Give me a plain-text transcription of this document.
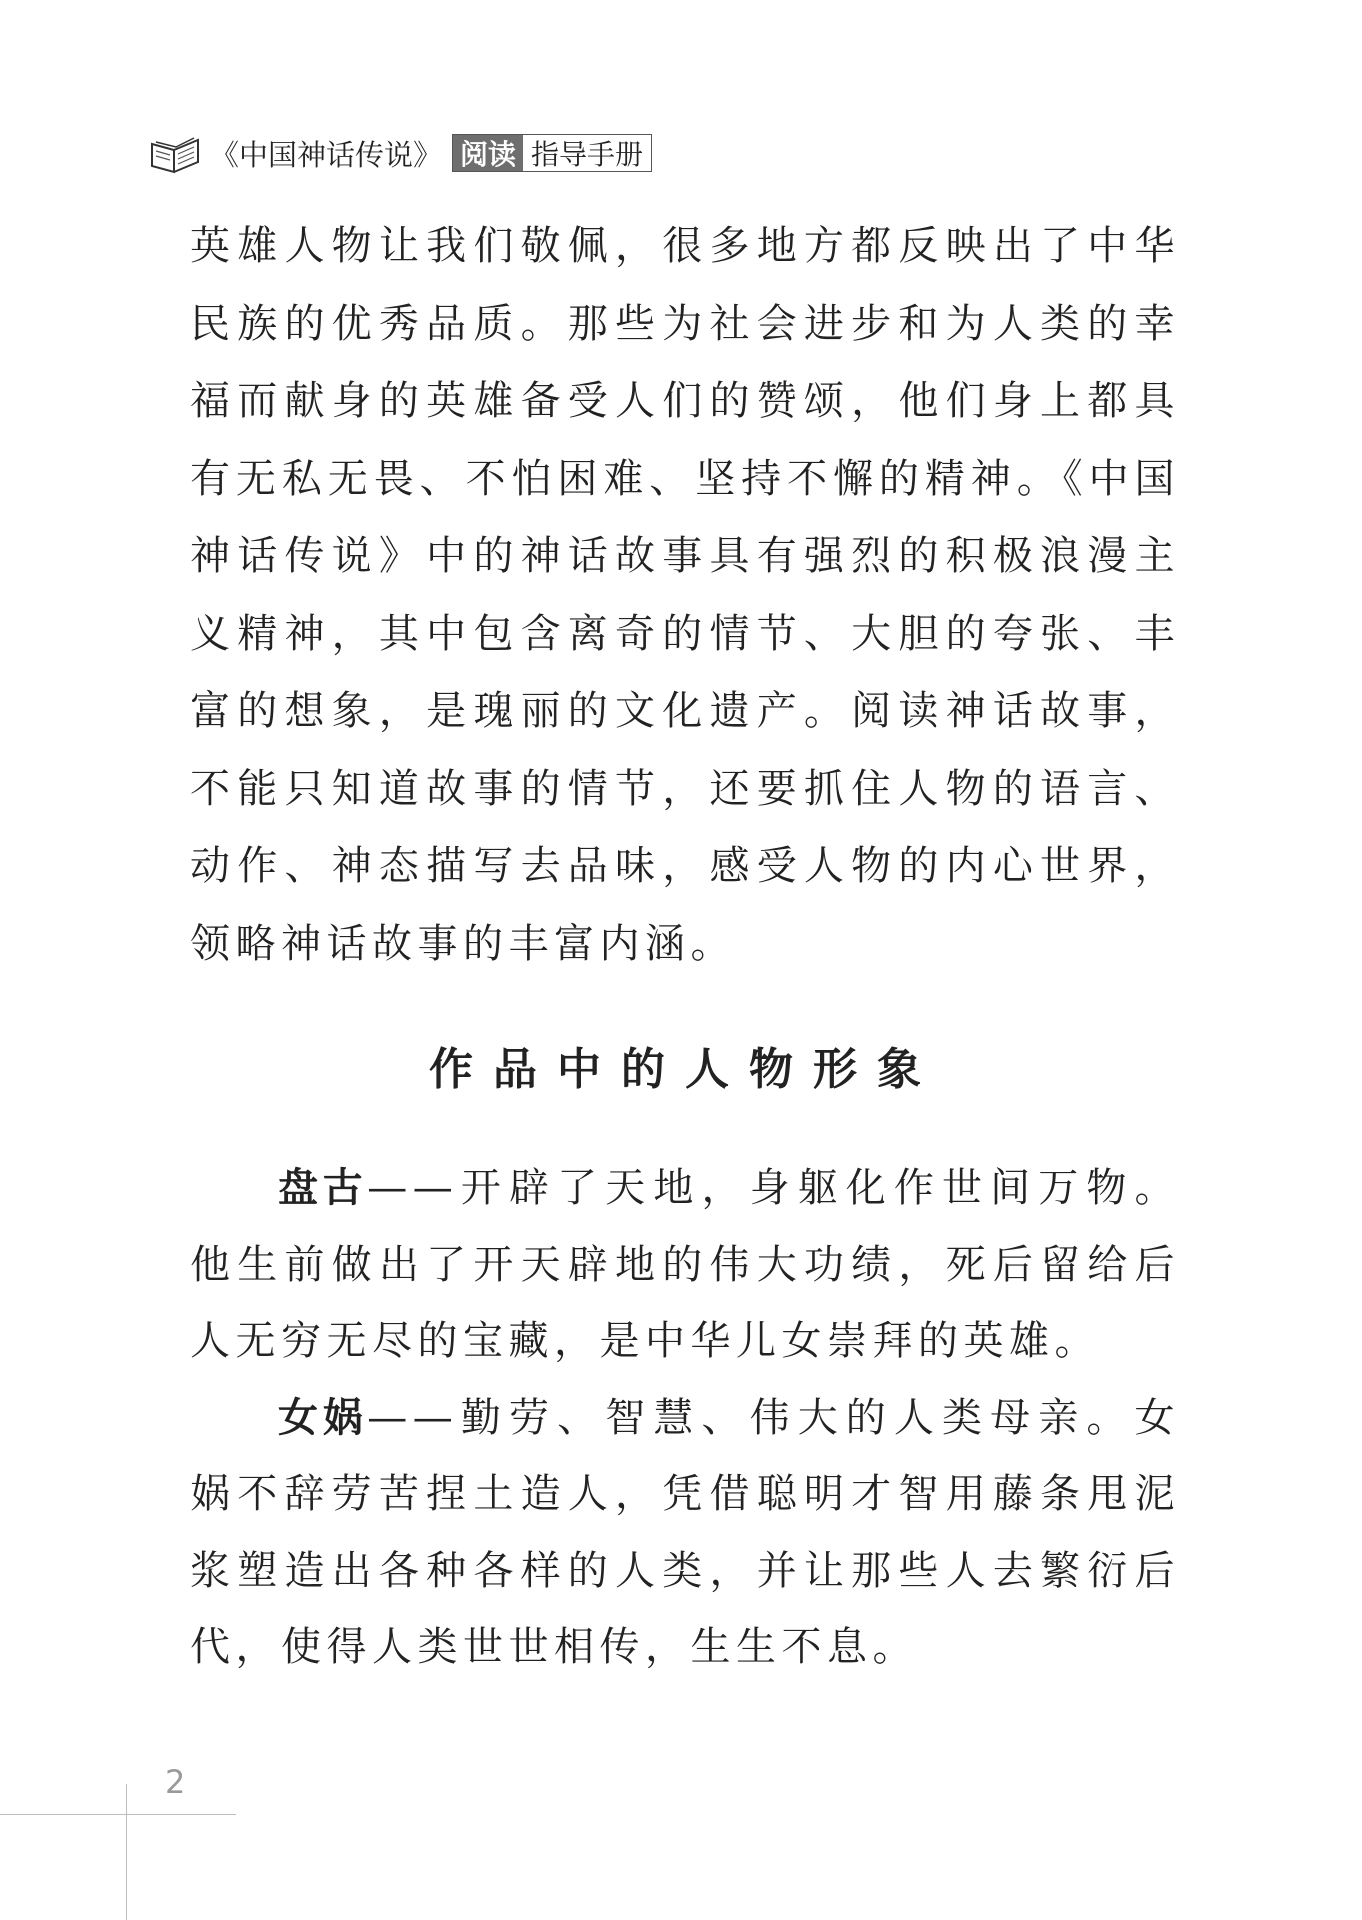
《中国神话传说》 阅读 指导手册

英雄人物让我们敬佩，很多地方都反映出了中华民族的优秀品质。那些为社会进步和为人类的幸福而献身的英雄备受人们的赞颂，他们身上都具有无私无畏、不怕困难、坚持不懈的精神。《中国神话传说》中的神话故事具有强烈的积极浪漫主义精神，其中包含离奇的情节、大胆的夸张、丰富的想象，是瑰丽的文化遗产。阅读神话故事，不能只知道故事的情节，还要抓住人物的语言、动作、神态描写去品味，感受人物的内心世界，领略神话故事的丰富内涵。

作品中的人物形象

盘古——开辟了天地，身躯化作世间万物。他生前做出了开天辟地的伟大功绩，死后留给后人无穷无尽的宝藏，是中华儿女崇拜的英雄。

女娲——勤劳、智慧、伟大的人类母亲。女娲不辞劳苦捏土造人，凭借聪明才智用藤条甩泥浆塑造出各种各样的人类，并让那些人去繁衍后代，使得人类世世相传，生生不息。

2
